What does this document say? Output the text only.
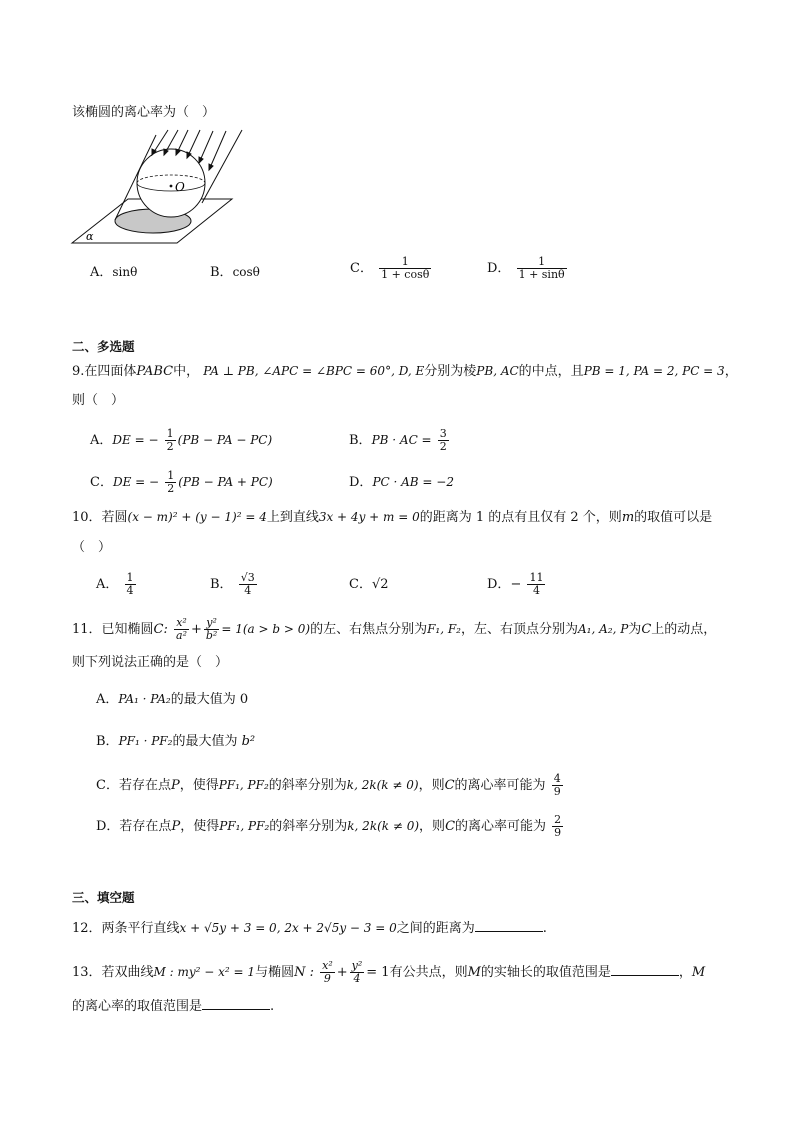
该椭圆的离心率为（　）
O
α
A．sinθ	B．cosθ	C． $\frac{1}{1 + \cos\theta}$	D． $\frac{1}{1 + \sin\theta}$
二、多选题
9.在四面体PABC中， PA ⊥ PB, ∠APC = ∠BPC = 60°, D, E分别为棱PB, AC的中点，且PB = 1, PA = 2, PC = 3，
则（　）
A．DE = − $\frac{1}{2} (PB$ − PA − PC)	B．PB · AC = $\frac{3}{2}$
C．DE = − $\frac{1}{2} (PB$ − PA + PC)	D．PC · AB = −2
10．若圆(x − m)² + (y − 1)² = 4上到直线3x + 4y + m = 0的距离为 1 的点有且仅有 2 个，则m的取值可以是
（　）
A． $\frac{1}{4}$	B． $\frac{√3}{4}$	C．√2	D．− $\frac{11}{4}$
11．已知椭圆C: $\frac{\text{x²}}{\text{a²}} + \frac{\text{y²}}{\text{b²}} = 1(a > b > 0)$的左、右焦点分别为F₁, F₂，左、右顶点分别为A₁, A₂, P为C上的动点，
则下列说法正确的是（　）
A．PA₁ · PA₂的最大值为 0
B．PF₁ · PF₂的最大值为 b²
C．若存在点P，使得PF₁, PF₂的斜率分别为k, 2k(k ≠ 0)，则C的离心率可能为 $\frac{4}{9}$
D．若存在点P，使得PF₁, PF₂的斜率分别为k, 2k(k ≠ 0)，则C的离心率可能为 $\frac{2}{9}$
三、填空题
12．两条平行直线x + √5y + 3 = 0, 2x + 2√5y − 3 = 0之间的距离为	.
13．若双曲线M : my² − x² = 1与椭圆N : $\frac{\text{x²}}{9} + \frac{\text{y²}}{4} = 1$有公共点，则M的实轴长的取值范围是	，M
的离心率的取值范围是	.
